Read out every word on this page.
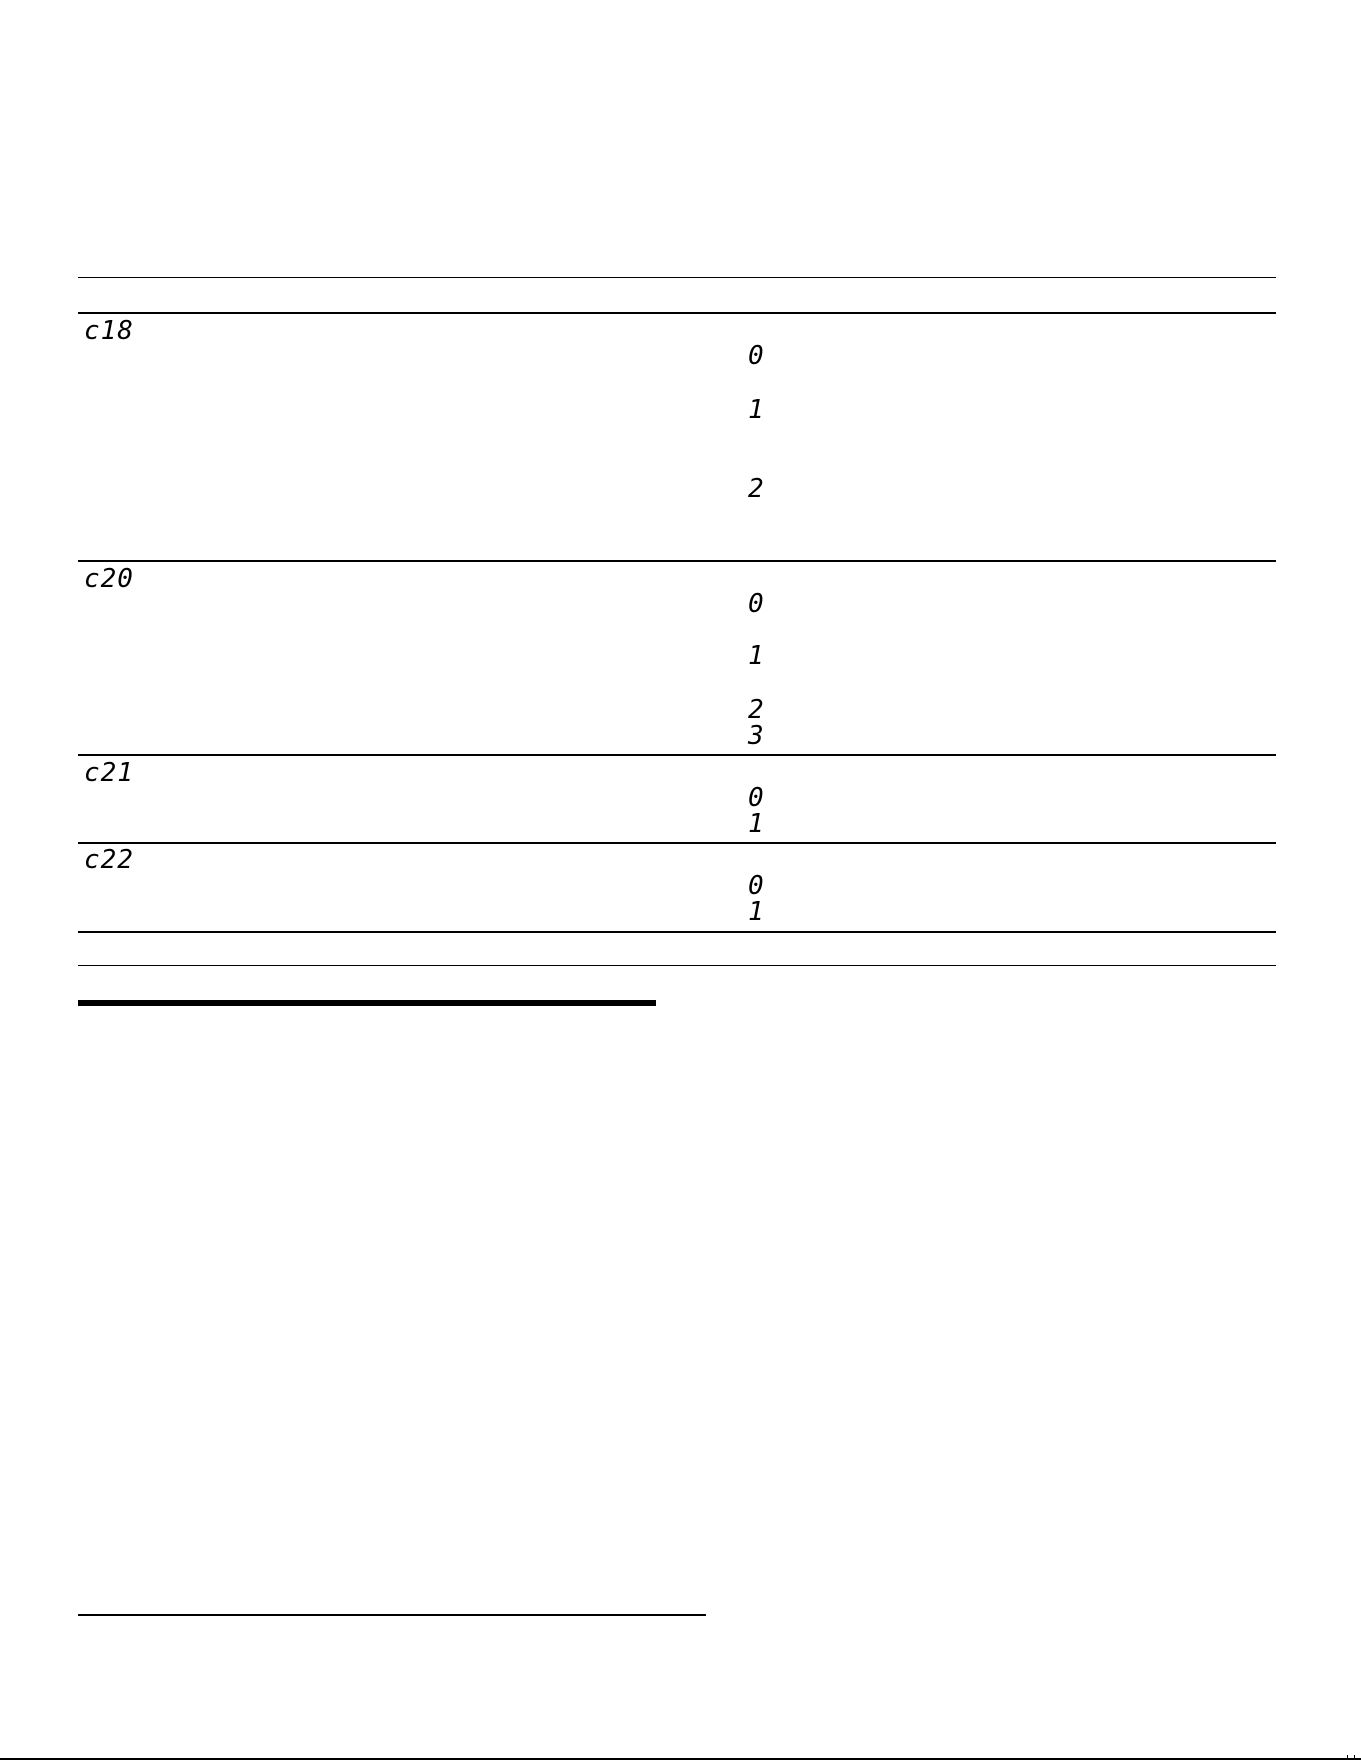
c18
0
1
2
c20
0
1
2
3
c21
0
1
c22
0
1
